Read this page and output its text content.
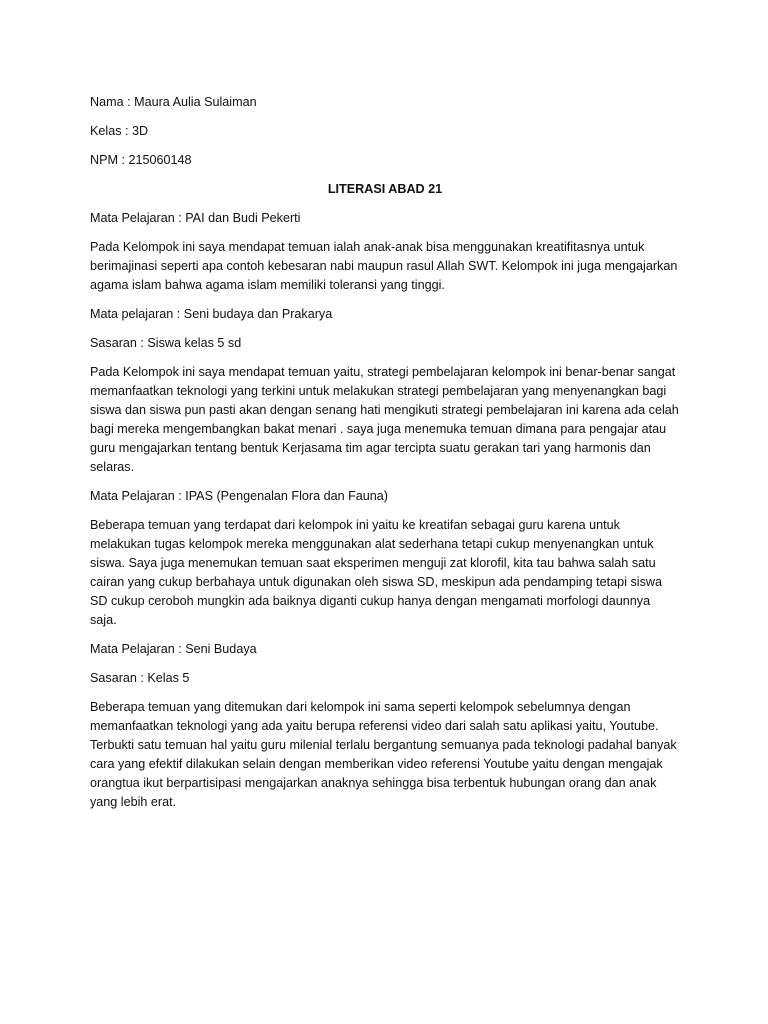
Nama : Maura Aulia Sulaiman

Kelas : 3D

NPM : 215060148

LITERASI ABAD 21

Mata Pelajaran : PAI dan Budi Pekerti

Pada Kelompok ini saya mendapat temuan ialah anak-anak bisa menggunakan kreatifitasnya untuk berimajinasi seperti apa contoh kebesaran nabi maupun rasul Allah SWT. Kelompok ini juga mengajarkan agama islam bahwa agama islam memiliki toleransi yang tinggi.

Mata pelajaran : Seni budaya dan Prakarya

Sasaran : Siswa kelas 5 sd

Pada Kelompok ini saya mendapat temuan yaitu, strategi pembelajaran kelompok ini benar-benar sangat memanfaatkan teknologi yang terkini untuk melakukan strategi pembelajaran yang menyenangkan bagi siswa dan siswa pun pasti akan dengan senang hati mengikuti strategi pembelajaran ini karena ada celah bagi mereka mengembangkan bakat menari . saya juga menemuka temuan dimana para pengajar atau guru mengajarkan tentang bentuk Kerjasama tim agar tercipta suatu gerakan tari yang harmonis dan selaras.

Mata Pelajaran : IPAS (Pengenalan Flora dan Fauna)

Beberapa temuan yang terdapat dari kelompok ini yaitu ke kreatifan sebagai guru karena untuk melakukan tugas kelompok mereka menggunakan alat sederhana tetapi cukup menyenangkan untuk siswa. Saya juga menemukan temuan saat eksperimen menguji zat klorofil, kita tau bahwa salah satu cairan yang cukup berbahaya untuk digunakan oleh siswa SD, meskipun ada pendamping tetapi siswa SD cukup ceroboh mungkin ada baiknya diganti cukup hanya dengan mengamati morfologi daunnya saja.

Mata Pelajaran : Seni Budaya

Sasaran : Kelas 5

Beberapa temuan yang ditemukan dari kelompok ini sama seperti kelompok sebelumnya dengan memanfaatkan teknologi yang ada yaitu berupa referensi video dari salah satu aplikasi yaitu, Youtube. Terbukti satu temuan hal yaitu guru milenial terlalu bergantung semuanya pada teknologi padahal banyak cara yang efektif dilakukan selain dengan memberikan video referensi Youtube yaitu dengan mengajak orangtua ikut berpartisipasi mengajarkan anaknya sehingga bisa terbentuk hubungan orang dan anak yang lebih erat.
